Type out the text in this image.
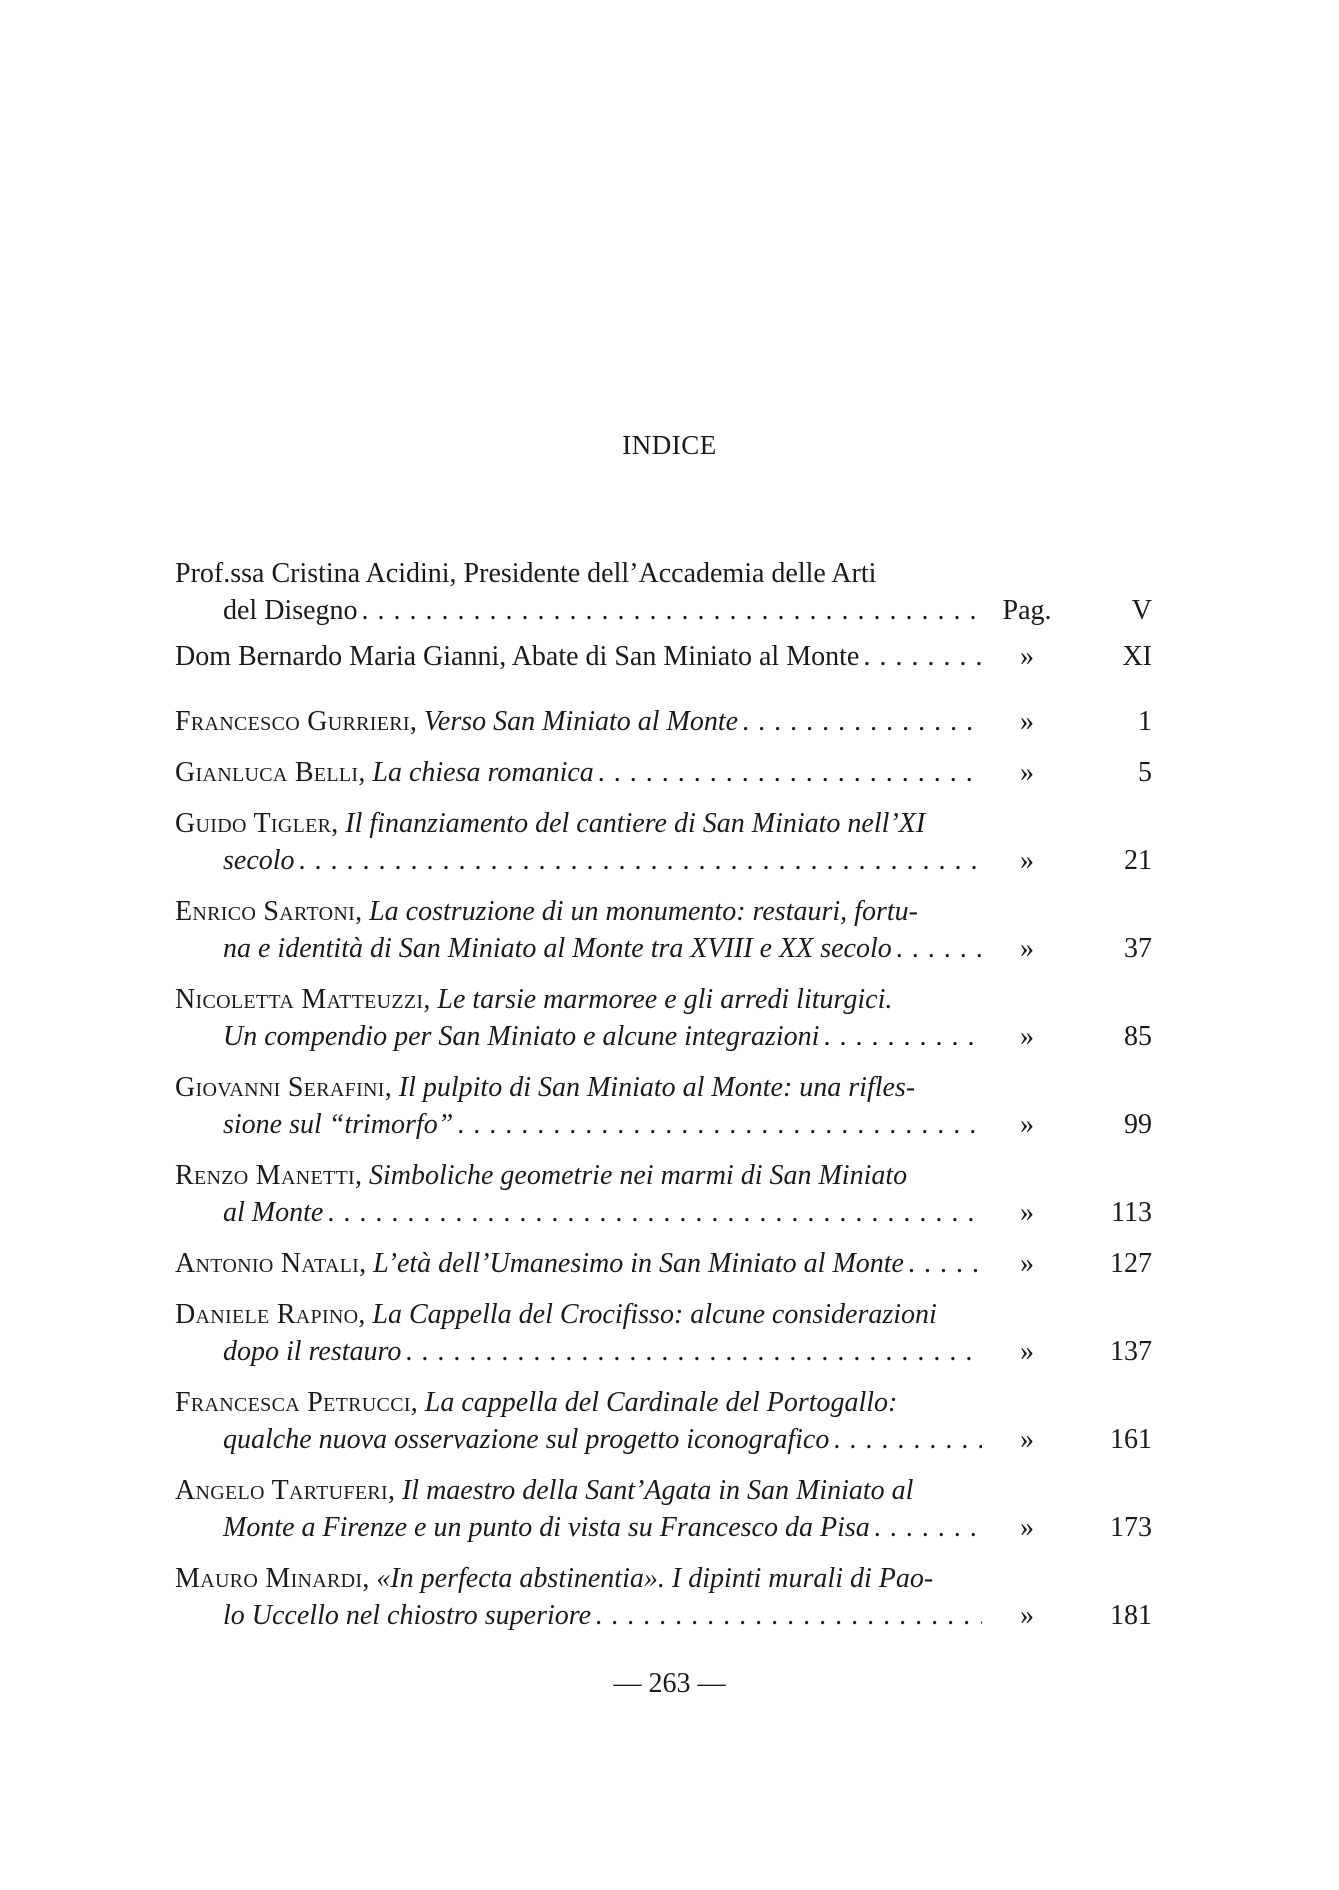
INDICE
Prof.ssa Cristina Acidini, Presidente dell’Accademia delle Arti
del Disegno . . .	Pag.	V
Dom Bernardo Maria Gianni, Abate di San Miniato al Monte . . .	»	XI
Francesco Gurrieri , Verso San Miniato al Monte . . .	»	1
Gianluca Belli , La chiesa romanica . . .	»	5
Guido Tigler , Il finanziamento del cantiere di San Miniato nell’XI
secolo . . .	»	21
Enrico Sartoni , La costruzione di un monumento: restauri, fortu-
na e identità di San Miniato al Monte tra XVIII e XX secolo . . .	»	37
Nicoletta Matteuzzi , Le tarsie marmoree e gli arredi liturgici.
Un compendio per San Miniato e alcune integrazioni . . .	»	85
Giovanni Serafini , Il pulpito di San Miniato al Monte: una rifles-
sione sul “trimorfo” . . .	»	99
Renzo Manetti , Simboliche geometrie nei marmi di San Miniato
al Monte . . .	»	113
Antonio Natali , L’età dell’Umanesimo in San Miniato al Monte . . .	»	127
Daniele Rapino , La Cappella del Crocifisso: alcune considerazioni
dopo il restauro . . .	»	137
Francesca Petrucci , La cappella del Cardinale del Portogallo:
qualche nuova osservazione sul progetto iconografico . . .	»	161
Angelo Tartuferi , Il maestro della Sant’Agata in San Miniato al
Monte a Firenze e un punto di vista su Francesco da Pisa . . .	»	173
Mauro Minardi , «In perfecta abstinentia». I dipinti murali di Pao-
lo Uccello nel chiostro superiore . . .	»	181
— 263 —
